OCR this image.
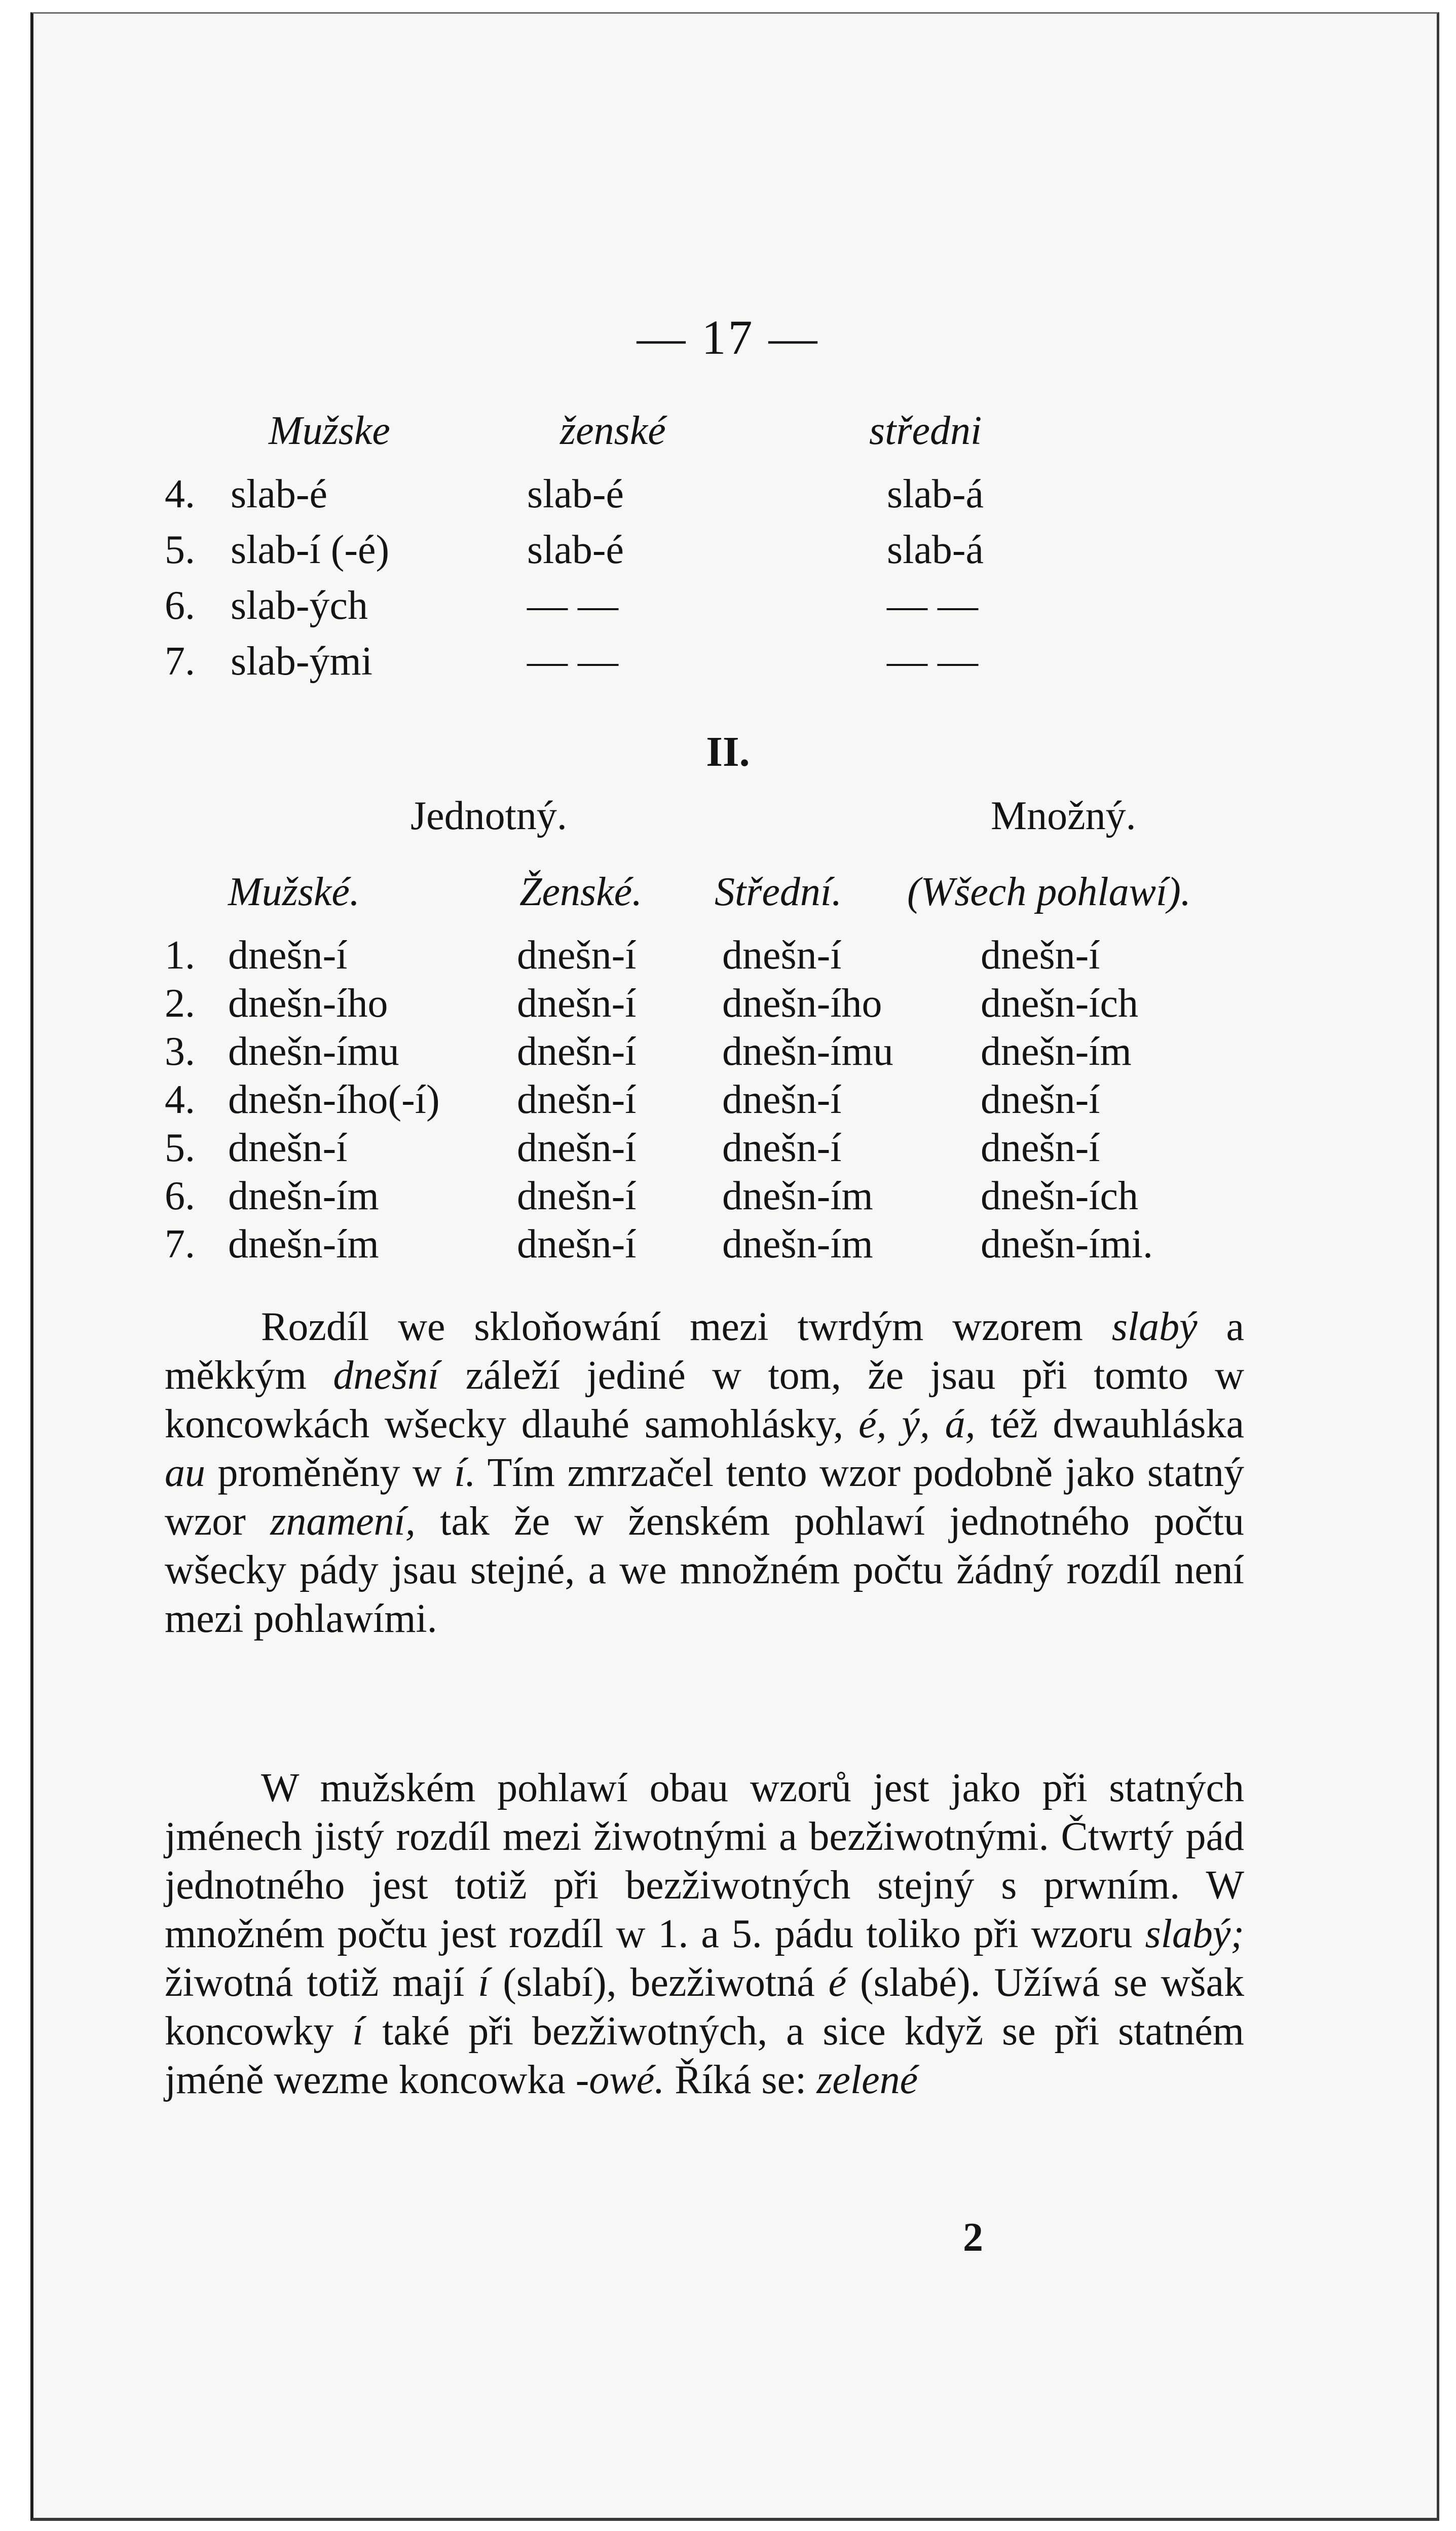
— 17 —
Mužske	ženské	středni
4. slab-é	slab-é	slab-á
5. slab-í (-é)	slab-é	slab-á
6. slab-ých	— —	— —
7. slab-ými	— —	— —
II.
Jednotný.	Množný.
Mužské.	Ženské. Střední. (Wšech pohlawí).
1. dnešn-í	dnešn-í dnešn-í	dnešn-í
2. dnešn-ího	dnešn-í dnešn-ího dnešn-ích
3. dnešn-ímu	dnešn-í dnešn-ímu dnešn-ím
4. dnešn-ího(-í) dnešn-í dnešn-í	dnešn-í
5. dnešn-í	dnešn-í dnešn-í	dnešn-í
6. dnešn-ím	dnešn-í dnešn-ím	dnešn-ích
7. dnešn-ím	dnešn-í dnešn-ím	dnešn-ími.

Rozdíl we skloňowání mezi twrdým wzorem slabý a měkkým dnešní záleží jediné w tom, že jsau při tomto w koncowkách wšecky dlauhé samohlásky, é, ý, á, též dwauhláska au proměněny w í. Tím zmrzačel tento wzor podobně jako statný wzor znamení, tak že w ženském pohlawí jednotného počtu wšecky pády jsau stejné, a we množném počtu žádný rozdíl není mezi pohlawími.

W mužském pohlawí obau wzorů jest jako při statných jménech jistý rozdíl mezi žiwotnými a bezžiwotnými. Čtwrtý pád jednotného jest totiž při bezžiwotných stejný s prwním. W množném počtu jest rozdíl w 1. a 5. pádu toliko při wzoru slabý; žiwotná totiž mají í (slabí), bezžiwotná é (slabé). Užíwá se wšak koncowky í také při bezžiwotných, a sice když se při statném jméně wezme koncowka -owé. Říká se: zelené

2
